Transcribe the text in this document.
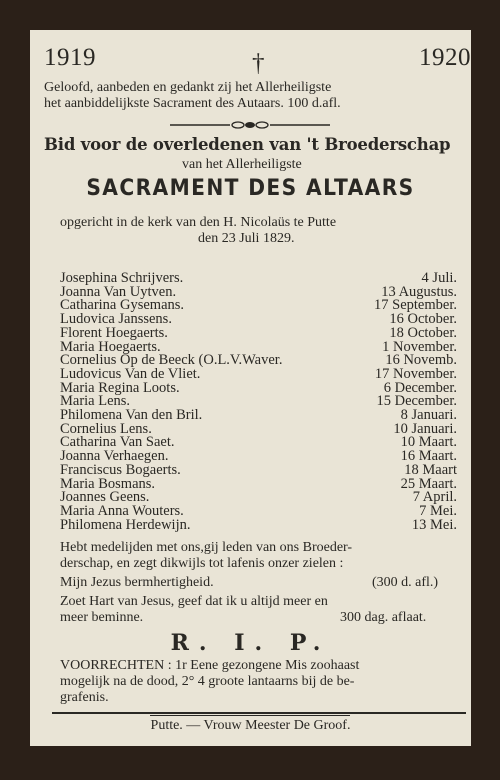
1919	†	1920
Geloofd, aanbeden en gedankt zij het Allerheiligste
het aanbiddelijkste Sacrament des Autaars. 100 d.afl.
Bid voor de overledenen van 't Broederschap
van het Allerheiligste
SACRAMENT DES ALTAARS
opgericht in de kerk van den H. Nicolaüs te Putte
den 23 Juli 1829.
Josephina Schrijvers.	4 Juli.
Joanna Van Uytven.	13 Augustus.
Catharina Gysemans.	17 September.
Ludovica Janssens.	16 October.
Florent Hoegaerts.	18 October.
Maria Hoegaerts.	1 November.
Cornelius Op de Beeck (O.L.V.Waver.	16 Novemb.
Ludovicus Van de Vliet.	17 November.
Maria Regina Loots.	6 December.
Maria Lens.	15 December.
Philomena Van den Bril.	8 Januari.
Cornelius Lens.	10 Januari.
Catharina Van Saet.	10 Maart.
Joanna Verhaegen.	16 Maart.
Franciscus Bogaerts.	18 Maart
Maria Bosmans.	25 Maart.
Joannes Geens.	7 April.
Maria Anna Wouters.	7 Mei.
Philomena Herdewijn.	13 Mei.
Hebt medelijden met ons,gij leden van ons Broeder-
derschap, en zegt dikwijls tot lafenis onzer zielen :
Mijn Jezus bermhertigheid.	(300 d. afl.)
Zoet Hart van Jesus, geef dat ik u altijd meer en
meer beminne.	300 dag. aflaat.
R. I. P.
VOORRECHTEN : 1r Eene gezongene Mis zoohaast
mogelijk na de dood, 2° 4 groote lantaarns bij de be-
grafenis.
Putte. — Vrouw Meester De Groof.
